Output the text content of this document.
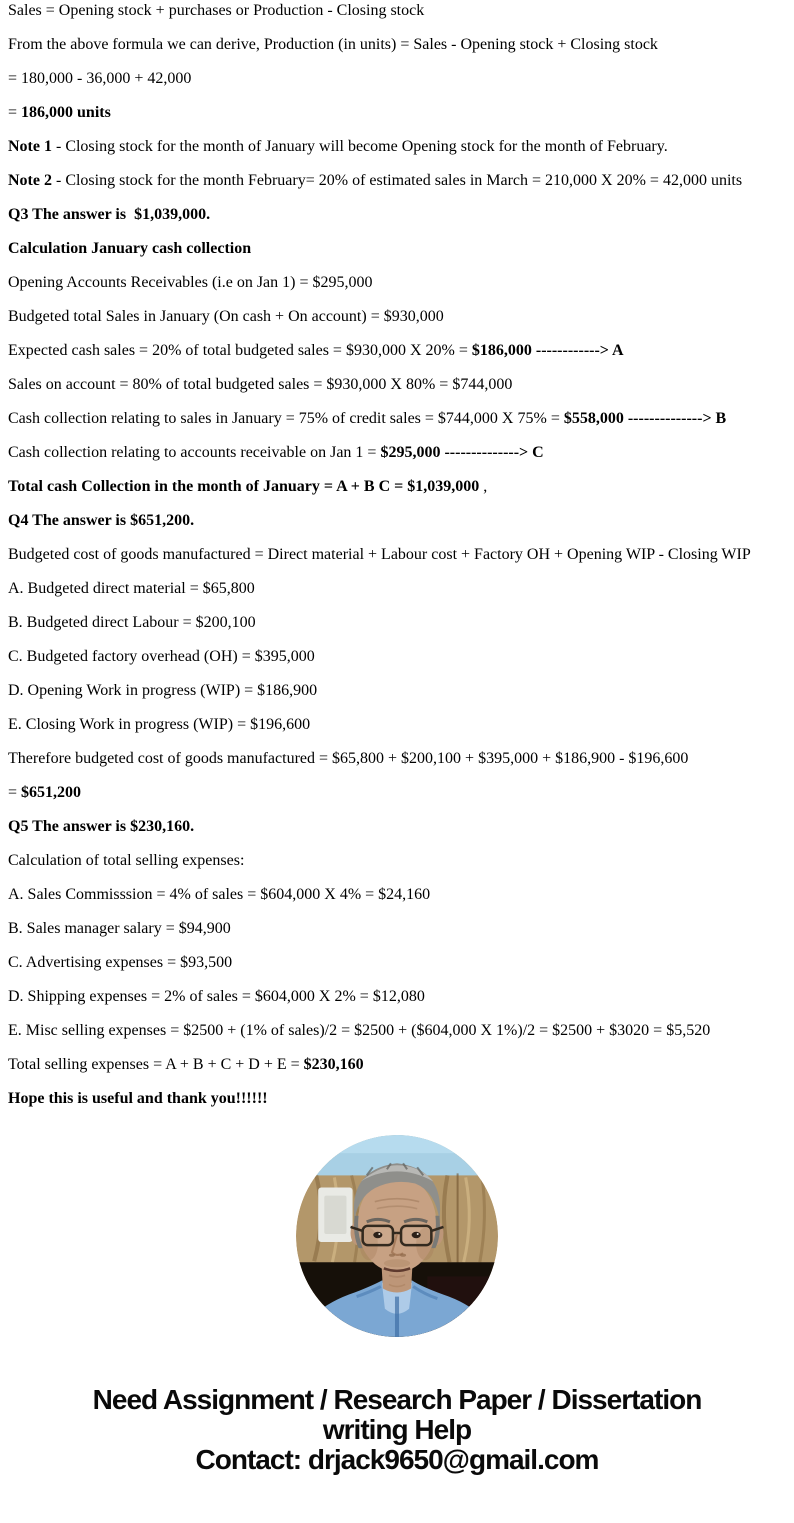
Sales = Opening stock + purchases or Production - Closing stock

From the above formula we can derive, Production (in units) = Sales - Opening stock + Closing stock

= 180,000 - 36,000 + 42,000

= 186,000 units

Note 1 - Closing stock for the month of January will become Opening stock for the month of February.

Note 2 - Closing stock for the month February= 20% of estimated sales in March = 210,000 X 20% = 42,000 units

Q3 The answer is  $1,039,000.

Calculation January cash collection

Opening Accounts Receivables (i.e on Jan 1) = $295,000

Budgeted total Sales in January (On cash + On account) = $930,000

Expected cash sales = 20% of total budgeted sales = $930,000 X 20% = $186,000 ------------> A

Sales on account = 80% of total budgeted sales = $930,000 X 80% = $744,000

Cash collection relating to sales in January = 75% of credit sales = $744,000 X 75% = $558,000 --------------> B

Cash collection relating to accounts receivable on Jan 1 = $295,000 --------------> C

Total cash Collection in the month of January = A + B C = $1,039,000 ,

Q4 The answer is $651,200.

Budgeted cost of goods manufactured = Direct material + Labour cost + Factory OH + Opening WIP - Closing WIP

A. Budgeted direct material = $65,800

B. Budgeted direct Labour = $200,100

C. Budgeted factory overhead (OH) = $395,000

D. Opening Work in progress (WIP) = $186,900

E. Closing Work in progress (WIP) = $196,600

Therefore budgeted cost of goods manufactured = $65,800 + $200,100 + $395,000 + $186,900 - $196,600

= $651,200

Q5 The answer is $230,160.

Calculation of total selling expenses:

A. Sales Commisssion = 4% of sales = $604,000 X 4% = $24,160

B. Sales manager salary = $94,900

C. Advertising expenses = $93,500

D. Shipping expenses = 2% of sales = $604,000 X 2% = $12,080

E. Misc selling expenses = $2500 + (1% of sales)/2 = $2500 + ($604,000 X 1%)/2 = $2500 + $3020 = $5,520

Total selling expenses = A + B + C + D + E = $230,160

Hope this is useful and thank you!!!!!!

Need Assignment / Research Paper / Dissertation
writing Help
Contact: drjack9650@gmail.com
